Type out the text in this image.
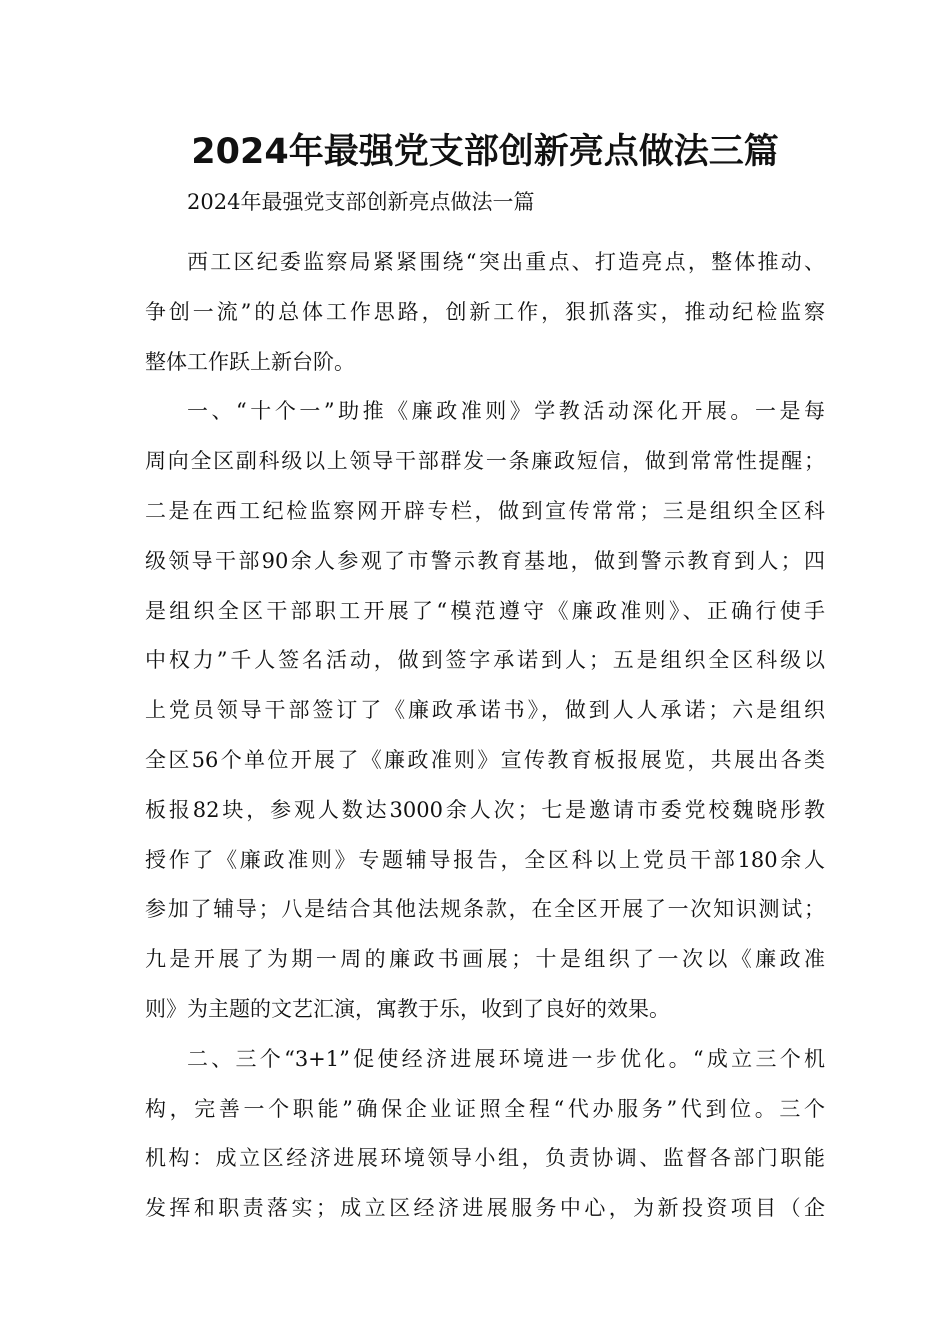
2024年最强党支部创新亮点做法三篇
2024年最强党支部创新亮点做法一篇
西工区纪委监察局紧紧围绕“突出重点、打造亮点，整体推动、
争创一流”的总体工作思路，创新工作，狠抓落实，推动纪检监察
整体工作跃上新台阶。
一、“十个一”助推《廉政准则》学教活动深化开展。一是每
周向全区副科级以上领导干部群发一条廉政短信，做到常常性提醒；
二是在西工纪检监察网开辟专栏，做到宣传常常；三是组织全区科
级领导干部90余人参观了市警示教育基地，做到警示教育到人；四
是组织全区干部职工开展了“模范遵守《廉政准则》、正确行使手
中权力”千人签名活动，做到签字承诺到人；五是组织全区科级以
上党员领导干部签订了《廉政承诺书》，做到人人承诺；六是组织
全区56个单位开展了《廉政准则》宣传教育板报展览，共展出各类
板报82块，参观人数达3000余人次；七是邀请市委党校魏晓彤教
授作了《廉政准则》专题辅导报告，全区科以上党员干部180余人
参加了辅导；八是结合其他法规条款，在全区开展了一次知识测试；
九是开展了为期一周的廉政书画展；十是组织了一次以《廉政准
则》为主题的文艺汇演，寓教于乐，收到了良好的效果。
二、三个“3+1”促使经济进展环境进一步优化。“成立三个机
构，完善一个职能”确保企业证照全程“代办服务”代到位。三个
机构：成立区经济进展环境领导小组，负责协调、监督各部门职能
发挥和职责落实；成立区经济进展服务中心，为新投资项目（企
